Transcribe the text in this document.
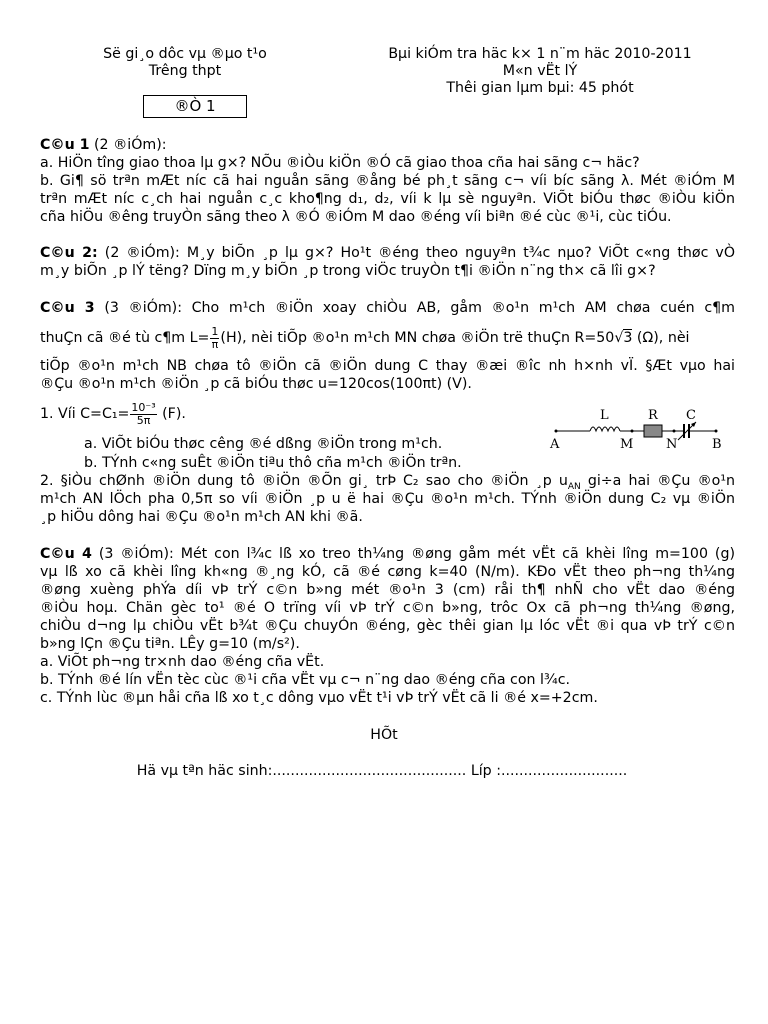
Së gi¸o dôc vµ ®µo t¹o
Trêng thpt
Bµi kiÓm tra häc k× 1 n¨m häc 2010-2011
M«n vËt lÝ
Thêi gian lµm bµi: 45 phót
®Ò 1
C©u 1 (2 ®iÓm):
a. HiÖn tîng giao thoa lµ g×? NÕu ®iÒu kiÖn ®Ó cã giao thoa cña hai sãng c¬ häc?
b. Gi¶ sö trªn mÆt níc cã hai nguån sãng ®ång bé ph¸t sãng c¬ víi bíc sãng λ. Mét ®iÓm M
trªn mÆt níc c¸ch hai nguån c¸c kho¶ng d₁, d₂, víi k lµ sè nguyªn. ViÕt biÓu thøc ®iÒu kiÖn
cña hiÖu ®êng truyÒn sãng theo λ ®Ó ®iÓm M dao ®éng víi biªn ®é cùc ®¹i, cùc tiÓu.
C©u 2: (2 ®iÓm): M¸y biÕn ¸p lµ g×? Ho¹t ®éng theo nguyªn t¾c nµo? ViÕt c«ng thøc vÒ
m¸y biÕn ¸p lÝ tëng? Dïng m¸y biÕn ¸p trong viÖc truyÒn t¶i ®iÖn n¨ng th× cã lîi g×?
C©u 3 (3 ®iÓm): Cho m¹ch ®iÖn xoay chiÒu AB, gåm ®o¹n m¹ch AM chøa cuén c¶m
thuÇn cã ®é tù c¶m $L= \frac{1}{\pi} (H)$, nèi tiÕp ®o¹n m¹ch MN chøa ®iÖn trë thuÇn R=50√3 (Ω), nèi
tiÕp ®o¹n m¹ch NB chøa tô ®iÖn cã ®iÖn dung C thay ®æi ®îc nh h×nh vÏ. §Æt vµo hai
®Çu ®o¹n m¹ch ®iÖn ¸p cã biÓu thøc u=120cos(100πt) (V).
1. Víi $C=C_1= \frac{\text{10⁻³}}{5\pi} (F)$.
a. ViÕt biÓu thøc cêng ®é dßng ®iÖn trong m¹ch.
b. TÝnh c«ng suÊt ®iÖn tiªu thô cña m¹ch ®iÖn trªn.
L	R C
A	M	N	B
2. §iÒu chØnh ®iÖn dung tô ®iÖn ®Õn gi¸ trÞ C₂ sao cho ®iÖn ¸p $u_{AN}$ gi÷a hai ®Çu ®o¹n
m¹ch AN lÖch pha 0,5π so víi ®iÖn ¸p u ë hai ®Çu ®o¹n m¹ch. TÝnh ®iÖn dung C₂ vµ ®iÖn
¸p hiÖu dông hai ®Çu ®o¹n m¹ch AN khi ®ã.
C©u 4 (3 ®iÓm): Mét con l¾c lß xo treo th¼ng ®øng gåm mét vËt cã khèi lîng m=100 (g)
vµ lß xo cã khèi lîng kh«ng ®¸ng kÓ, cã ®é cøng k=40 (N/m). KÐo vËt theo ph¬ng th¼ng
®øng xuèng phÝa díi vÞ trÝ c©n b»ng mét ®o¹n 3 (cm) råi th¶ nhÑ cho vËt dao ®éng
®iÒu hoµ. Chän gèc to¹ ®é O trïng víi vÞ trÝ c©n b»ng, trôc Ox cã ph¬ng th¼ng ®øng,
chiÒu d¬ng lµ chiÒu vËt b¾t ®Çu chuyÓn ®éng, gèc thêi gian lµ lóc vËt ®i qua vÞ trÝ c©n
b»ng lÇn ®Çu tiªn. LÊy g=10 (m/s²).
a. ViÕt ph¬ng tr×nh dao ®éng cña vËt.
b. TÝnh ®é lín vËn tèc cùc ®¹i cña vËt vµ c¬ n¨ng dao ®éng cña con l¾c.
c. TÝnh lùc ®µn håi cña lß xo t¸c dông vµo vËt t¹i vÞ trÝ vËt cã li ®é x=+2cm.
HÕt
Hä vµ tªn häc sinh:........................................... Líp :............................
